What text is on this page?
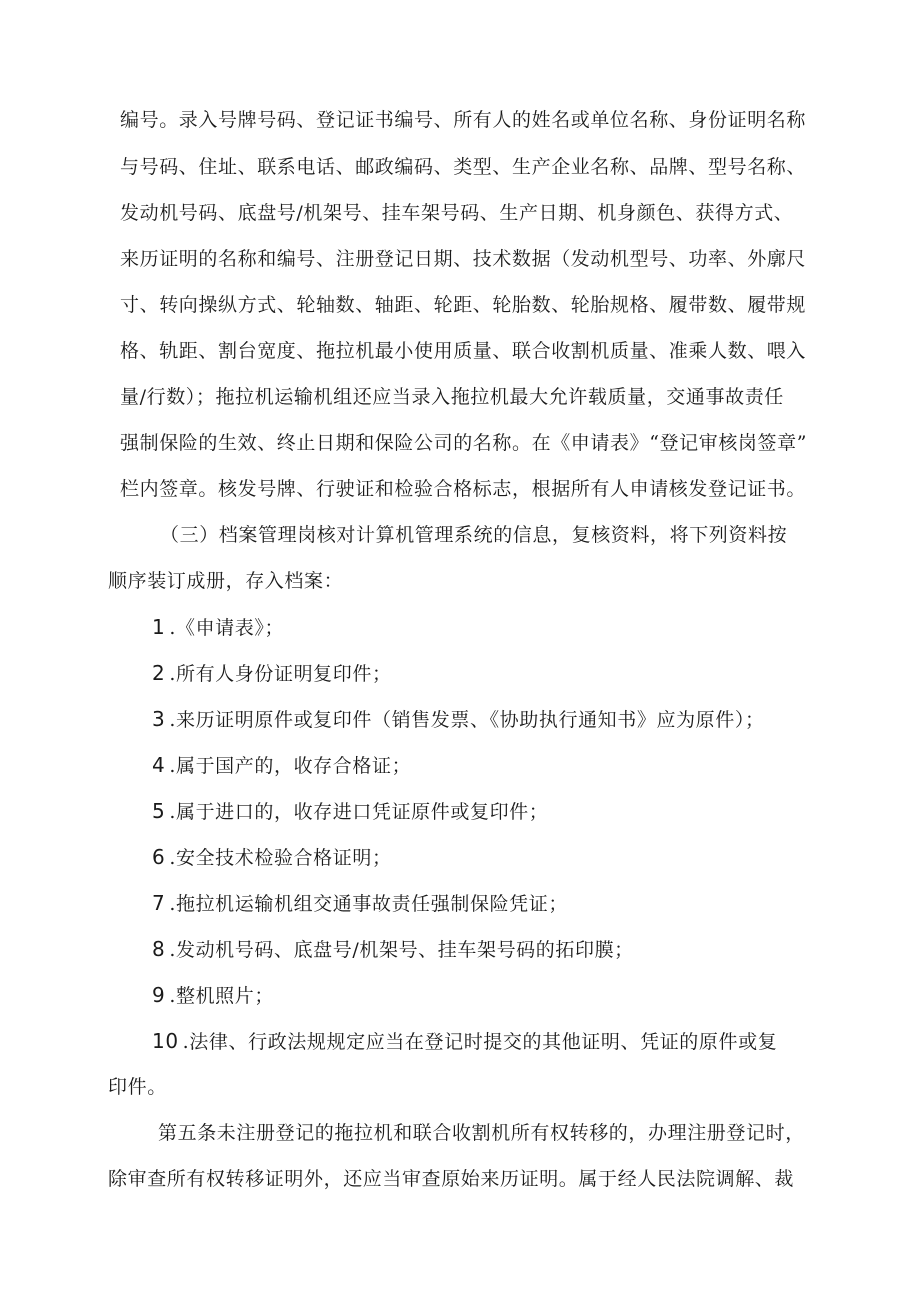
编号。录入号牌号码、登记证书编号、所有人的姓名或单位名称、身份证明名称
与号码、住址、联系电话、邮政编码、类型、生产企业名称、品牌、型号名称、
发动机号码、底盘号/机架号、挂车架号码、生产日期、机身颜色、获得方式、
来历证明的名称和编号、注册登记日期、技术数据（发动机型号、功率、外廓尺
寸、转向操纵方式、轮轴数、轴距、轮距、轮胎数、轮胎规格、履带数、履带规
格、轨距、割台宽度、拖拉机最小使用质量、联合收割机质量、准乘人数、喂入
量/行数）；拖拉机运输机组还应当录入拖拉机最大允许载质量，交通事故责任
强制保险的生效、终止日期和保险公司的名称。在《申请表》“登记审核岗签章”
栏内签章。核发号牌、行驶证和检验合格标志，根据所有人申请核发登记证书。
（三）档案管理岗核对计算机管理系统的信息，复核资料，将下列资料按
顺序装订成册，存入档案：
1 .《申请表》；
2 .所有人身份证明复印件；
3 .来历证明原件或复印件（销售发票、《协助执行通知书》应为原件）；
4 .属于国产的，收存合格证；
5 .属于进口的，收存进口凭证原件或复印件；
6 .安全技术检验合格证明；
7 .拖拉机运输机组交通事故责任强制保险凭证；
8 .发动机号码、底盘号/机架号、挂车架号码的拓印膜；
9 .整机照片；
10 .法律、行政法规规定应当在登记时提交的其他证明、凭证的原件或复
印件。
第五条未注册登记的拖拉机和联合收割机所有权转移的，办理注册登记时，
除审查所有权转移证明外，还应当审查原始来历证明。属于经人民法院调解、裁
